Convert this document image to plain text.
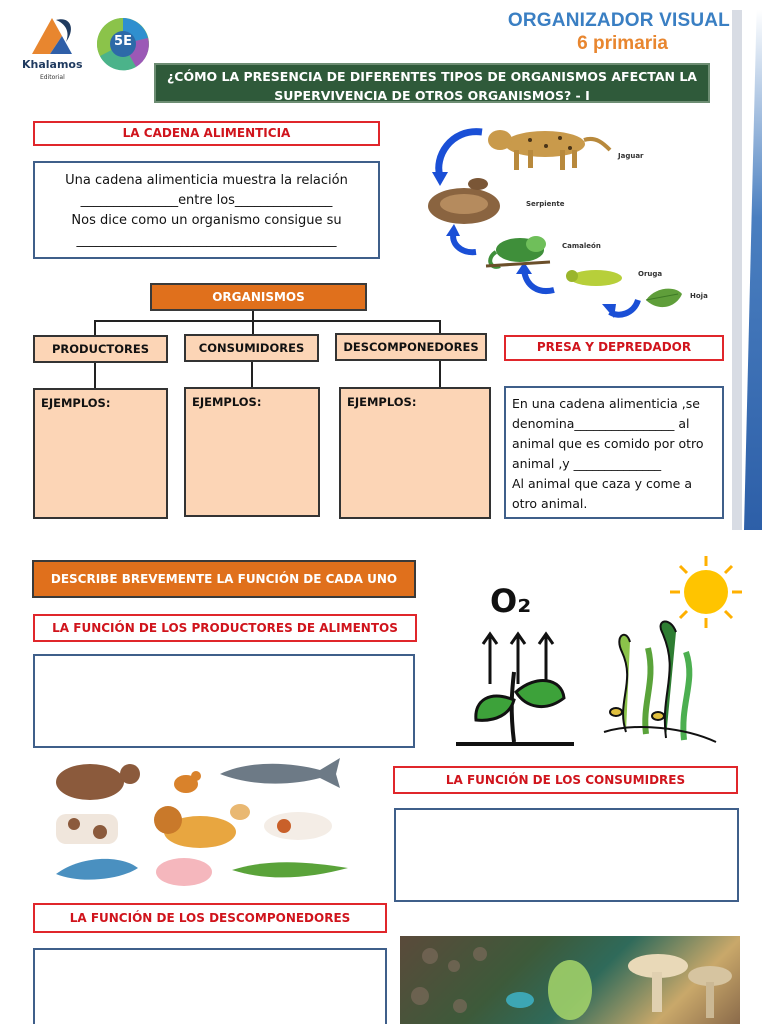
Khalamos
Editorial
5E
ORGANIZADOR VISUAL
6 primaria
¿CÓMO LA PRESENCIA DE DIFERENTES TIPOS DE ORGANISMOS AFECTAN LA SUPERVIVENCIA DE OTROS ORGANISMOS? - I
LA CADENA ALIMENTICIA
Una cadena alimenticia muestra la relación
_______________entre los_______________
Nos dice como un organismo consigue su
________________________________________
Jaguar
Serpiente
Camaleón
Oruga
Hoja
ORGANISMOS
PRODUCTORES	CONSUMIDORES	DESCOMPONEDORES
EJEMPLOS:	EJEMPLOS:	EJEMPLOS:
PRESA Y DEPREDADOR
En una cadena alimenticia ,se
denomina________________ al
animal que es comido por otro
animal ,y ______________
Al animal que caza y come a
otro animal.
DESCRIBE BREVEMENTE LA FUNCIÓN DE CADA UNO
LA FUNCIÓN DE LOS PRODUCTORES DE ALIMENTOS
O₂
LA FUNCIÓN DE LOS CONSUMIDRES
LA FUNCIÓN DE LOS DESCOMPONEDORES
